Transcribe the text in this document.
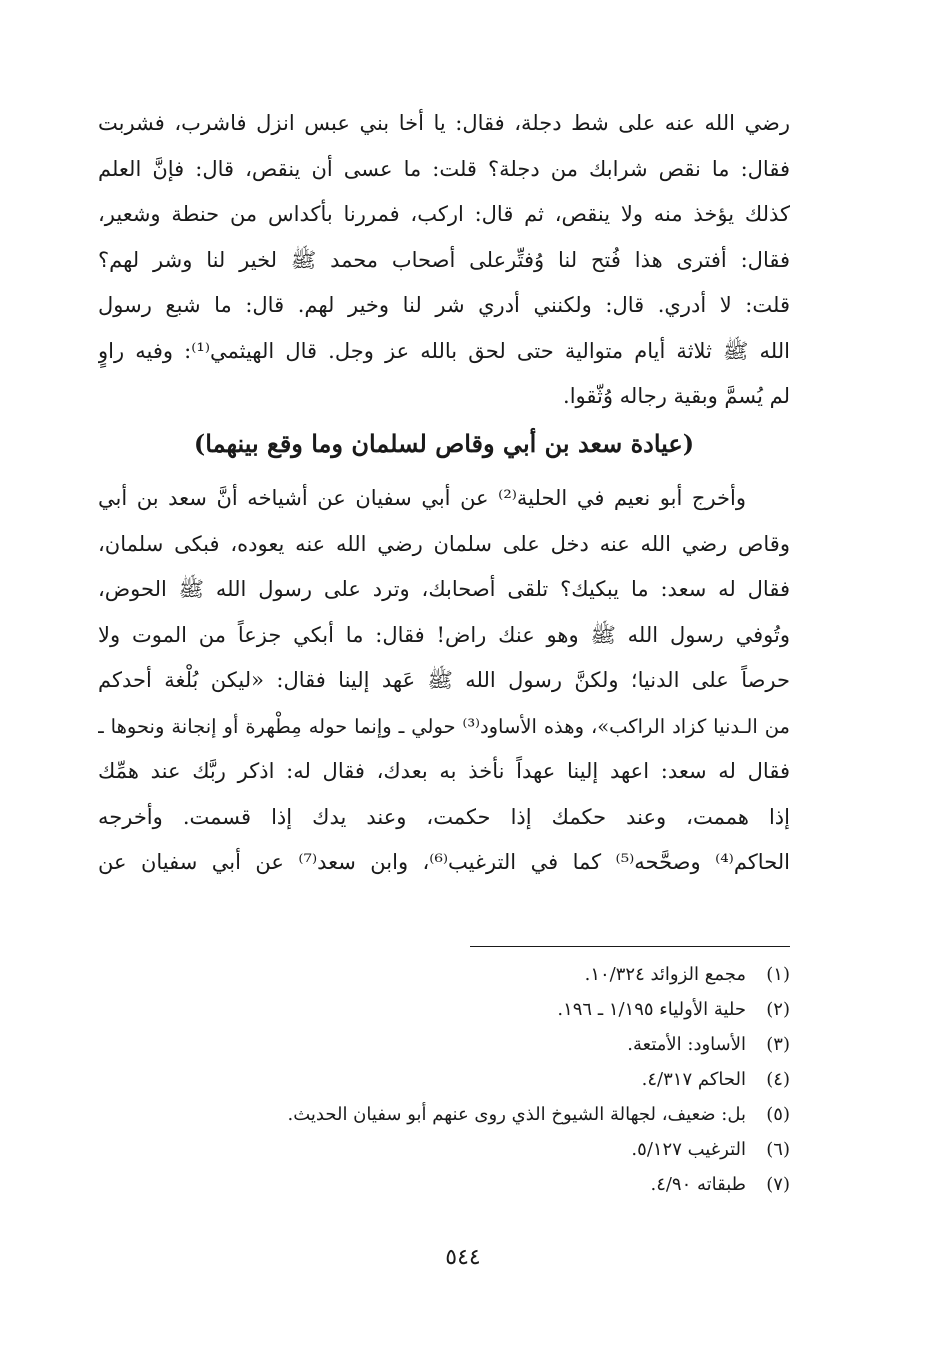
رضي الله عنه على شط دجلة، فقال: يا أخا بني عبس انزل فاشرب، فشربت
فقال: ما نقص شرابك من دجلة؟ قلت: ما عسى أن ينقص، قال: فإنَّ العلم
كذلك يؤخذ منه ولا ينقص، ثم قال: اركب، فمررنا بأكداس من حنطة وشعير،
فقال: أفترى هذا فُتح لنا وُفتِّرعلى أصحاب محمد ﷺ لخير لنا وشر لهم؟
قلت: لا أدري. قال: ولكنني أدري شر لنا وخير لهم. قال: ما شبع رسول
الله ﷺ ثلاثة أيام متوالية حتى لحق بالله عز وجل. قال الهيثمي⁽¹⁾: وفيه راوٍ
لم يُسمَّ وبقية رجاله وُثّقوا.
(عيادة سعد بن أبي وقاص لسلمان وما وقع بينهما)
وأخرج أبو نعيم في الحلية⁽²⁾ عن أبي سفيان عن أشياخه أنَّ سعد بن أبي
وقاص رضي الله عنه دخل على سلمان رضي الله عنه يعوده، فبكى سلمان،
فقال له سعد: ما يبكيك؟ تلقى أصحابك، وترد على رسول الله ﷺ الحوض،
وتُوفي رسول الله ﷺ وهو عنك راض! فقال: ما أبكي جزعاً من الموت ولا
حرصاً على الدنيا؛ ولكنَّ رسول الله ﷺ عَهد إلينا فقال: «ليكن بُلْغة أحدكم
من الـدنيا كزاد الراكب»، وهذه الأساود⁽³⁾ حولي ـ وإنما حوله مِطْهرة أو إنجانة ونحوها ـ
فقال له سعد: اعهد إلينا عهداً نأخذ به بعدك، فقال له: اذكر ربَّك عند همِّك
إذا هممت، وعند حكمك إذا حكمت، وعند يدك إذا قسمت. وأخرجه
الحاكم⁽⁴⁾ وصحَّحه⁽⁵⁾ كما في الترغيب⁽⁶⁾، وابن سعد⁽⁷⁾ عن أبي سفيان عن
(١)
مجمع الزوائد ١٠/٣٢٤.
(٢)
حلية الأولياء ١/١٩٥ ـ ١٩٦.
(٣)
الأساود: الأمتعة.
(٤)
الحاكم ٤/٣١٧.
(٥)
بل: ضعيف، لجهالة الشيوخ الذي روى عنهم أبو سفيان الحديث.
(٦)
الترغيب ٥/١٢٧.
(٧)
طبقاته ٤/٩٠.
٥٤٤
